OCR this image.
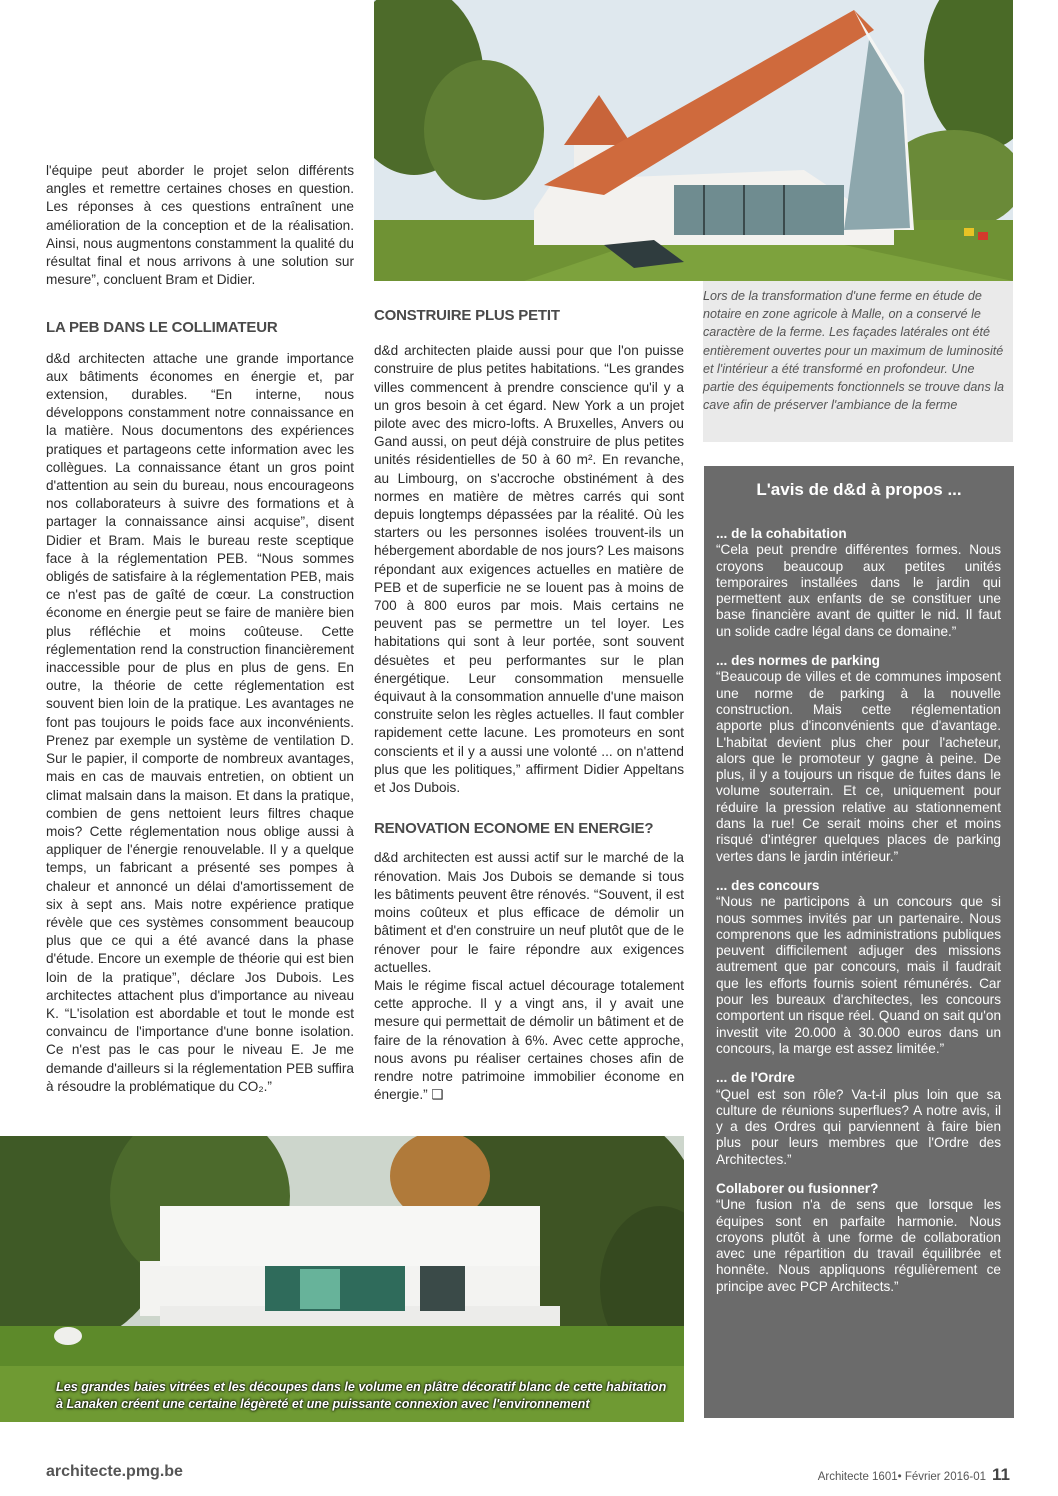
Lors de la transformation d'une ferme en étude de notaire en zone agricole à Malle, on a conservé le caractère de la ferme. Les façades latérales ont été entièrement ouvertes pour un maximum de luminosité et l'intérieur a été transformé en profondeur. Une partie des équipements fonctionnels se trouve dans la cave afin de préserver l'ambiance de la ferme

l'équipe peut aborder le projet selon différents angles et remettre certaines choses en question. Les réponses à ces questions entraînent une amélioration de la conception et de la réalisation. Ainsi, nous augmentons constamment la qualité du résultat final et nous arrivons à une solution sur mesure”, concluent Bram et Didier.

LA PEB DANS LE COLLIMATEUR

d&d architecten attache une grande importance aux bâtiments économes en énergie et, par extension, durables. “En interne, nous développons constamment notre connaissance en la matière. Nous documentons des expériences pratiques et partageons cette information avec les collègues. La connaissance étant un gros point d'attention au sein du bureau, nous encourageons nos collaborateurs à suivre des formations et à partager la connaissance ainsi acquise”, disent Didier et Bram. Mais le bureau reste sceptique face à la réglementation PEB. “Nous sommes obligés de satisfaire à la réglementation PEB, mais ce n'est pas de gaîté de cœur. La construction économe en énergie peut se faire de manière bien plus réfléchie et moins coûteuse. Cette réglementation rend la construction financièrement inaccessible pour de plus en plus de gens. En outre, la théorie de cette réglementation est souvent bien loin de la pratique. Les avantages ne font pas toujours le poids face aux inconvénients. Prenez par exemple un système de ventilation D. Sur le papier, il comporte de nombreux avantages, mais en cas de mauvais entretien, on obtient un climat malsain dans la maison. Et dans la pratique, combien de gens nettoient leurs filtres chaque mois? Cette réglementation nous oblige aussi à appliquer de l'énergie renouvelable. Il y a quelque temps, un fabricant a présenté ses pompes à chaleur et annoncé un délai d'amortissement de six à sept ans. Mais notre expérience pratique révèle que ces systèmes consomment beaucoup plus que ce qui a été avancé dans la phase d'étude. Encore un exemple de théorie qui est bien loin de la pratique”, déclare Jos Dubois. Les architectes attachent plus d'importance au niveau K. “L'isolation est abordable et tout le monde est convaincu de l'importance d'une bonne isolation. Ce n'est pas le cas pour le niveau E. Je me demande d'ailleurs si la réglementation PEB suffira à résoudre la problématique du CO₂.”

CONSTRUIRE PLUS PETIT

d&d architecten plaide aussi pour que l'on puisse construire de plus petites habitations. “Les grandes villes commencent à prendre conscience qu'il y a un gros besoin à cet égard. New York a un projet pilote avec des micro-lofts. A Bruxelles, Anvers ou Gand aussi, on peut déjà construire de plus petites unités résidentielles de 50 à 60 m². En revanche, au Limbourg, on s'accroche obstinément à des normes en matière de mètres carrés qui sont depuis longtemps dépassées par la réalité. Où les starters ou les personnes isolées trouvent-ils un hébergement abordable de nos jours? Les maisons répondant aux exigences actuelles en matière de PEB et de superficie ne se louent pas à moins de 700 à 800 euros par mois. Mais certains ne peuvent pas se permettre un tel loyer. Les habitations qui sont à leur portée, sont souvent désuètes et peu performantes sur le plan énergétique. Leur consommation mensuelle équivaut à la consommation annuelle d'une maison construite selon les règles actuelles. Il faut combler rapidement cette lacune. Les promoteurs en sont conscients et il y a aussi une volonté ... on n'attend plus que les politiques,” affirment Didier Appeltans et Jos Dubois.

RENOVATION ECONOME EN ENERGIE?

d&d architecten est aussi actif sur le marché de la rénovation. Mais Jos Dubois se demande si tous les bâtiments peuvent être rénovés. “Souvent, il est moins coûteux et plus efficace de démolir un bâtiment et d'en construire un neuf plutôt que de le rénover pour le faire répondre aux exigences actuelles.

Mais le régime fiscal actuel décourage totalement cette approche. Il y a vingt ans, il y avait une mesure qui permettait de démolir un bâtiment et de faire de la rénovation à 6%. Avec cette approche, nous avons pu réaliser certaines choses afin de rendre notre patrimoine immobilier économe en énergie.” ❑

Les grandes baies vitrées et les découpes dans le volume en plâtre décoratif blanc de cette habitation à Lanaken créent une certaine légèreté et une puissante connexion avec l'environnement
L'avis de d&d à propos ...
... de la cohabitation

“Cela peut prendre différentes formes. Nous croyons beaucoup aux petites unités temporaires installées dans le jardin qui permettent aux enfants de se constituer une base financière avant de quitter le nid. Il faut un solide cadre légal dans ce domaine.”

... des normes de parking

“Beaucoup de villes et de communes imposent une norme de parking à la nouvelle construction. Mais cette réglementation apporte plus d'inconvénients que d'avantage. L'habitat devient plus cher pour l'acheteur, alors que le promoteur y gagne à peine. De plus, il y a toujours un risque de fuites dans le volume souterrain. Et ce, uniquement pour réduire la pression relative au stationnement dans la rue! Ce serait moins cher et moins risqué d'intégrer quelques places de parking vertes dans le jardin intérieur.”

... des concours

“Nous ne participons à un concours que si nous sommes invités par un partenaire. Nous comprenons que les administrations publiques peuvent difficilement adjuger des missions autrement que par concours, mais il faudrait que les efforts fournis soient rémunérés. Car pour les bureaux d'architectes, les concours comportent un risque réel. Quand on sait qu'on investit vite 20.000 à 30.000 euros dans un concours, la marge est assez limitée.”

... de l'Ordre

“Quel est son rôle? Va-t-il plus loin que sa culture de réunions superflues? A notre avis, il y a des Ordres qui parviennent à faire bien plus pour leurs membres que l'Ordre des Architectes.”

Collaborer ou fusionner?

“Une fusion n'a de sens que lorsque les équipes sont en parfaite harmonie. Nous croyons plutôt à une forme de collaboration avec une répartition du travail équilibrée et honnête. Nous appliquons régulièrement ce principe avec PCP Architects.”

architecte.pmg.be	Architecte 1601• Février 2016-01 11
